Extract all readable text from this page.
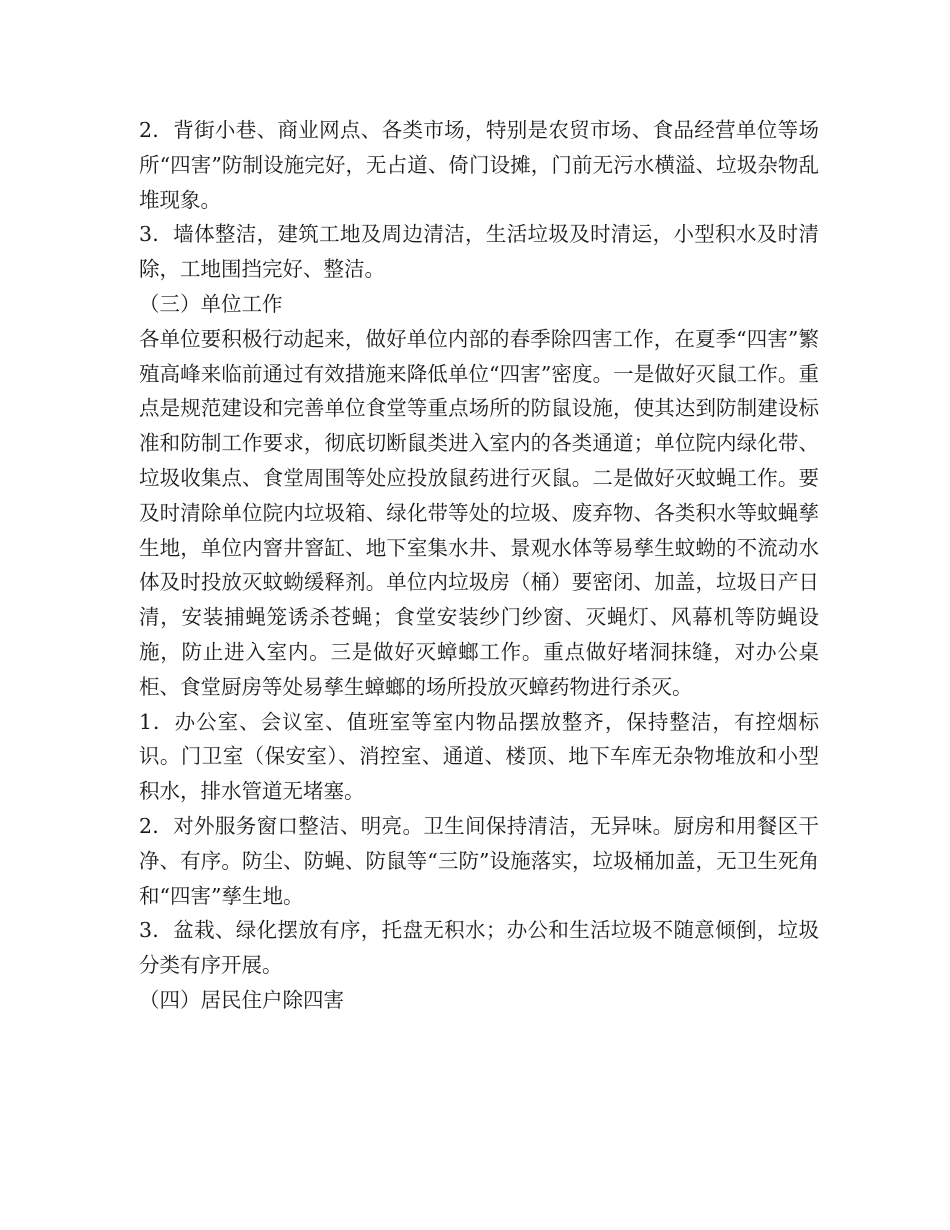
2．背街小巷、商业网点、各类市场，特别是农贸市场、食品经营单位等场所“四害”防制设施完好，无占道、倚门设摊，门前无污水横溢、垃圾杂物乱堆现象。

3．墙体整洁，建筑工地及周边清洁，生活垃圾及时清运，小型积水及时清除，工地围挡完好、整洁。

（三）单位工作

各单位要积极行动起来，做好单位内部的春季除四害工作，在夏季“四害”繁殖高峰来临前通过有效措施来降低单位“四害”密度。一是做好灭鼠工作。重点是规范建设和完善单位食堂等重点场所的防鼠设施，使其达到防制建设标准和防制工作要求，彻底切断鼠类进入室内的各类通道；单位院内绿化带、垃圾收集点、食堂周围等处应投放鼠药进行灭鼠。二是做好灭蚊蝇工作。要及时清除单位院内垃圾箱、绿化带等处的垃圾、废弃物、各类积水等蚊蝇孳生地，单位内窨井窨缸、地下室集水井、景观水体等易孳生蚊蚴的不流动水体及时投放灭蚊蚴缓释剂。单位内垃圾房（桶）要密闭、加盖，垃圾日产日清，安装捕蝇笼诱杀苍蝇；食堂安装纱门纱窗、灭蝇灯、风幕机等防蝇设施，防止进入室内。三是做好灭蟑螂工作。重点做好堵洞抹缝，对办公桌柜、食堂厨房等处易孳生蟑螂的场所投放灭蟑药物进行杀灭。

1．办公室、会议室、值班室等室内物品摆放整齐，保持整洁，有控烟标识。门卫室（保安室）、消控室、通道、楼顶、地下车库无杂物堆放和小型积水，排水管道无堵塞。

2．对外服务窗口整洁、明亮。卫生间保持清洁，无异味。厨房和用餐区干净、有序。防尘、防蝇、防鼠等“三防”设施落实，垃圾桶加盖，无卫生死角和“四害”孳生地。

3．盆栽、绿化摆放有序，托盘无积水；办公和生活垃圾不随意倾倒，垃圾分类有序开展。

（四）居民住户除四害
